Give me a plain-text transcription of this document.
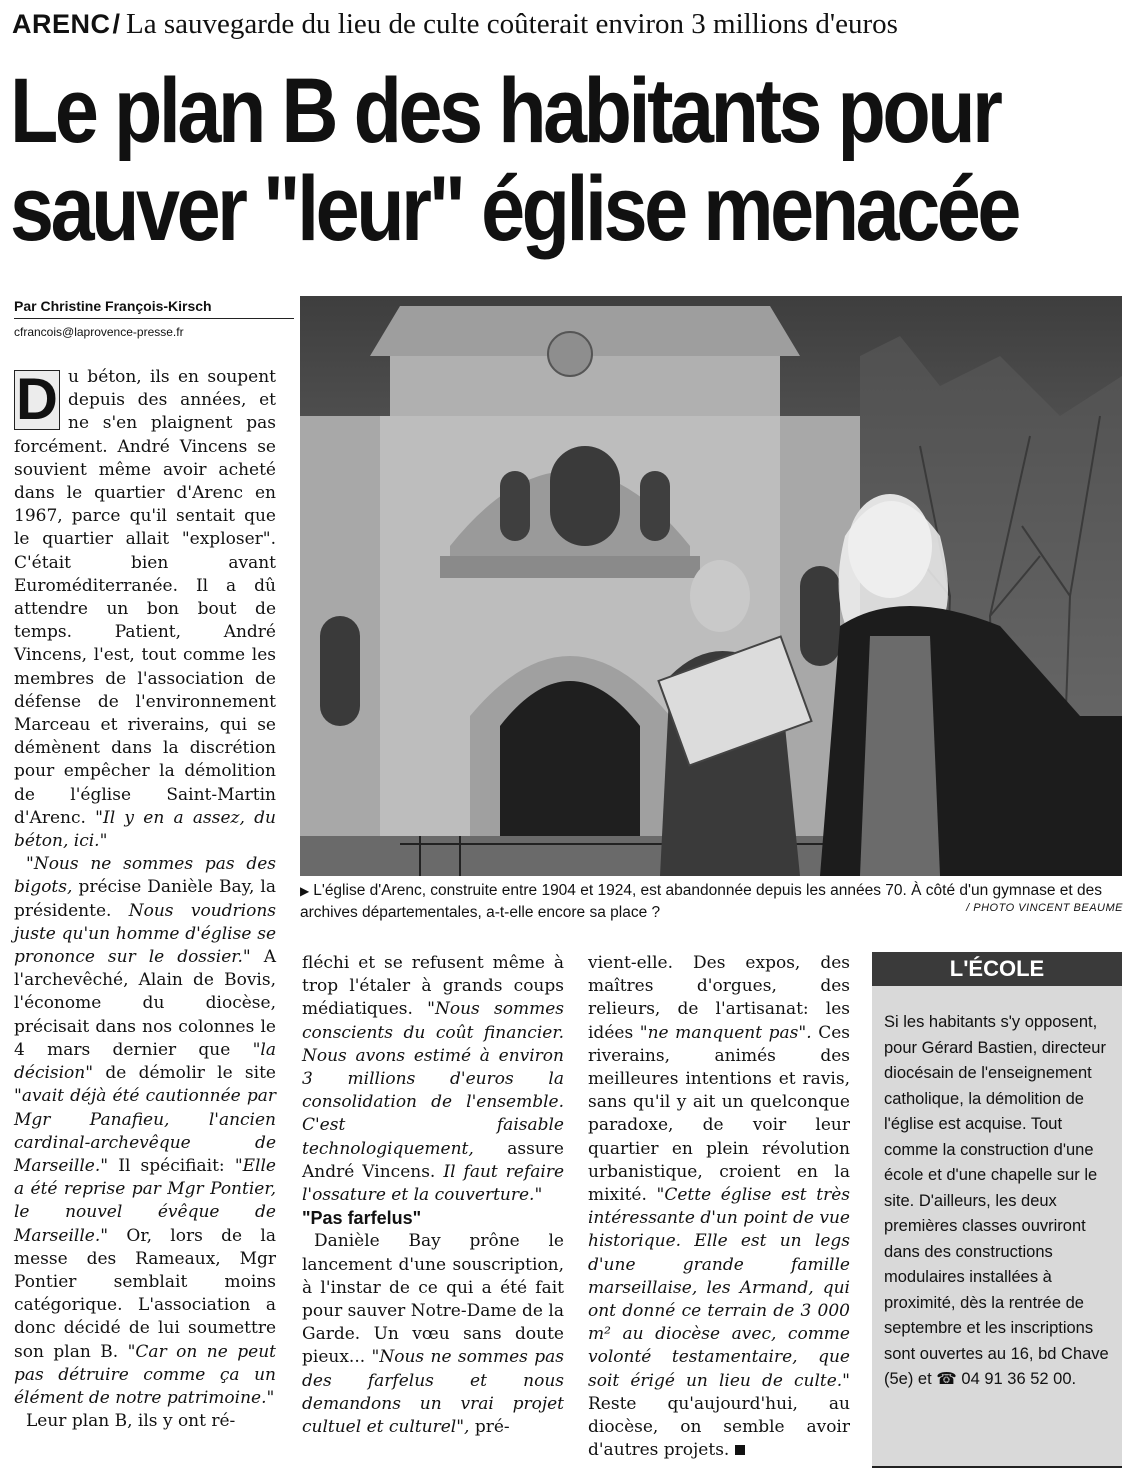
ARENC/ La sauvegarde du lieu de culte coûterait environ 3 millions d'euros
Le plan B des habitants pour
sauver "leur" église menacée
Par Christine François-Kirsch
cfrancois@laprovence-presse.fr

D u béton, ils en soupent depuis des années, et ne s'en plaignent pas forcément. André Vincens se souvient même avoir acheté dans le quartier d'Arenc en 1967, parce qu'il sentait que le quartier allait "exploser". C'était bien avant Euroméditerranée. Il a dû attendre un bon bout de temps. Patient, André Vincens, l'est, tout comme les membres de l'association de défense de l'environnement Marceau et riverains, qui se démènent dans la discrétion pour empêcher la démolition de l'église Saint-Martin d'Arenc. "Il y en a assez, du béton, ici."

"Nous ne sommes pas des bigots, précise Danièle Bay, la présidente. Nous voudrions juste qu'un homme d'église se prononce sur le dossier." A l'archevêché, Alain de Bovis, l'économe du diocèse, précisait dans nos colonnes le 4 mars dernier que "la décision" de démolir le site "avait déjà été cautionnée par Mgr Panafieu, l'ancien cardinal-archevêque de Marseille." Il spécifiait: "Elle a été reprise par Mgr Pontier, le nouvel évêque de Marseille." Or, lors de la messe des Rameaux, Mgr Pontier semblait moins catégorique. L'association a donc décidé de lui soumettre son plan B. "Car on ne peut pas détruire comme ça un élément de notre patrimoine."

Leur plan B, ils y ont ré-

▶ L'église d'Arenc, construite entre 1904 et 1924, est abandonnée depuis les années 70. À côté d'un gymnase et des archives départementales, a-t-elle encore sa place ?	/ PHOTO VINCENT BEAUME

fléchi et se refusent même à trop l'étaler à grands coups médiatiques. "Nous sommes conscients du coût financier. Nous avons estimé à environ 3 millions d'euros la consolidation de l'ensemble. C'est faisable technologiquement, assure André Vincens. Il faut refaire l'ossature et la couverture."

"Pas farfelus"

Danièle Bay prône le lancement d'une souscription, à l'instar de ce qui a été fait pour sauver Notre-Dame de la Garde. Un vœu sans doute pieux... "Nous ne sommes pas des farfelus et nous demandons un vrai projet cultuel et culturel", pré-

vient-elle. Des expos, des maîtres d'orgues, des relieurs, de l'artisanat: les idées "ne manquent pas". Ces riverains, animés des meilleures intentions et ravis, sans qu'il y ait un quelconque paradoxe, de voir leur quartier en plein révolution urbanistique, croient en la mixité. "Cette église est très intéressante d'un point de vue historique. Elle est un legs d'une grande famille marseillaise, les Armand, qui ont donné ce terrain de 3 000 m² au diocèse avec, comme volonté testamentaire, que soit érigé un lieu de culte." Reste qu'aujourd'hui, au diocèse, on semble avoir d'autres projets.

L'ÉCOLE
Si les habitants s'y opposent, pour Gérard Bastien, directeur diocésain de l'enseignement catholique, la démolition de l'église est acquise. Tout comme la construction d'une école et d'une chapelle sur le site. D'ailleurs, les deux premières classes ouvriront dans des constructions modulaires installées à proximité, dès la rentrée de septembre et les inscriptions sont ouvertes au 16, bd Chave (5e) et ☎ 04 91 36 52 00.
